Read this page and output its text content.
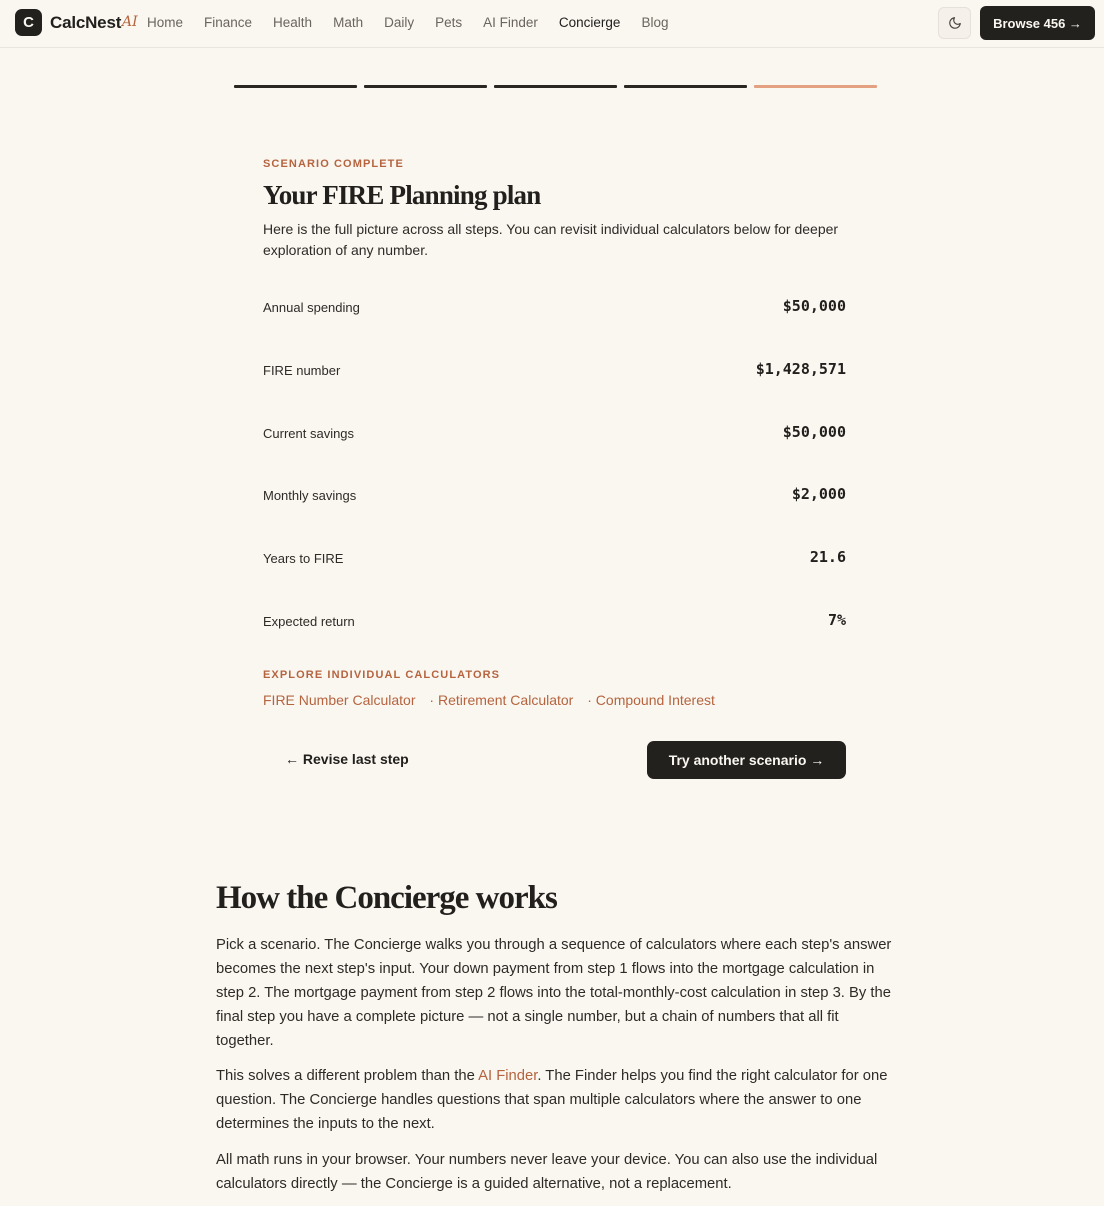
C CalcNest AI Home Finance Health Math Daily Pets AI Finder Concierge Blog	Browse 456 →
SCENARIO COMPLETE
Your FIRE Planning plan

Here is the full picture across all steps. You can revisit individual calculators below for deeper exploration of any number.

Annual spending	$50,000
FIRE number	$1,428,571
Current savings	$50,000
Monthly savings	$2,000
Years to FIRE	21.6
Expected return	7%
EXPLORE INDIVIDUAL CALCULATORS
FIRE Number Calculator · Retirement Calculator · Compound Interest
← Revise last step	Try another scenario →
How the Concierge works

Pick a scenario. The Concierge walks you through a sequence of calculators where each step's answer becomes the next step's input. Your down payment from step 1 flows into the mortgage calculation in step 2. The mortgage payment from step 2 flows into the total-monthly-cost calculation in step 3. By the final step you have a complete picture — not a single number, but a chain of numbers that all fit together.

This solves a different problem than the AI Finder. The Finder helps you find the right calculator for one question. The Concierge handles questions that span multiple calculators where the answer to one determines the inputs to the next.

All math runs in your browser. Your numbers never leave your device. You can also use the individual calculators directly — the Concierge is a guided alternative, not a replacement.
